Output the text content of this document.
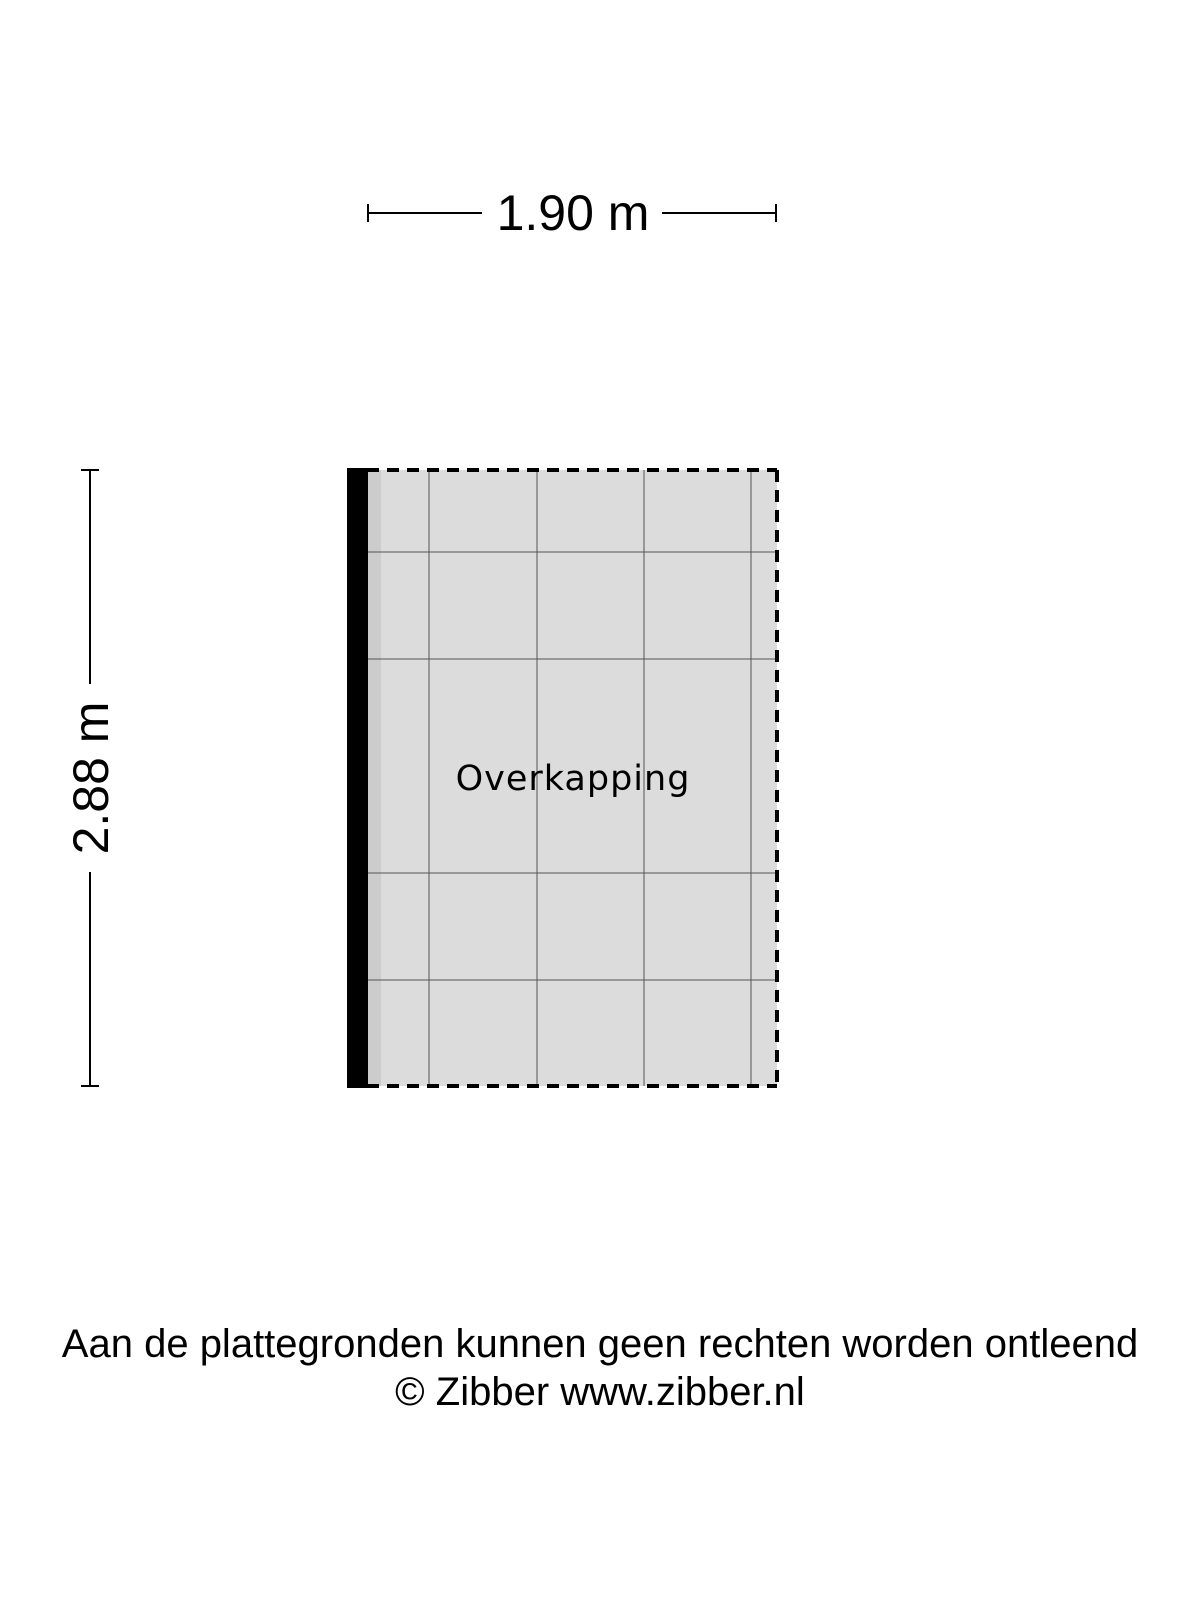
1.90 m
2.88 m	Overkapping
Aan de plattegronden kunnen geen rechten worden ontleend
© Zibber www.zibber.nl
